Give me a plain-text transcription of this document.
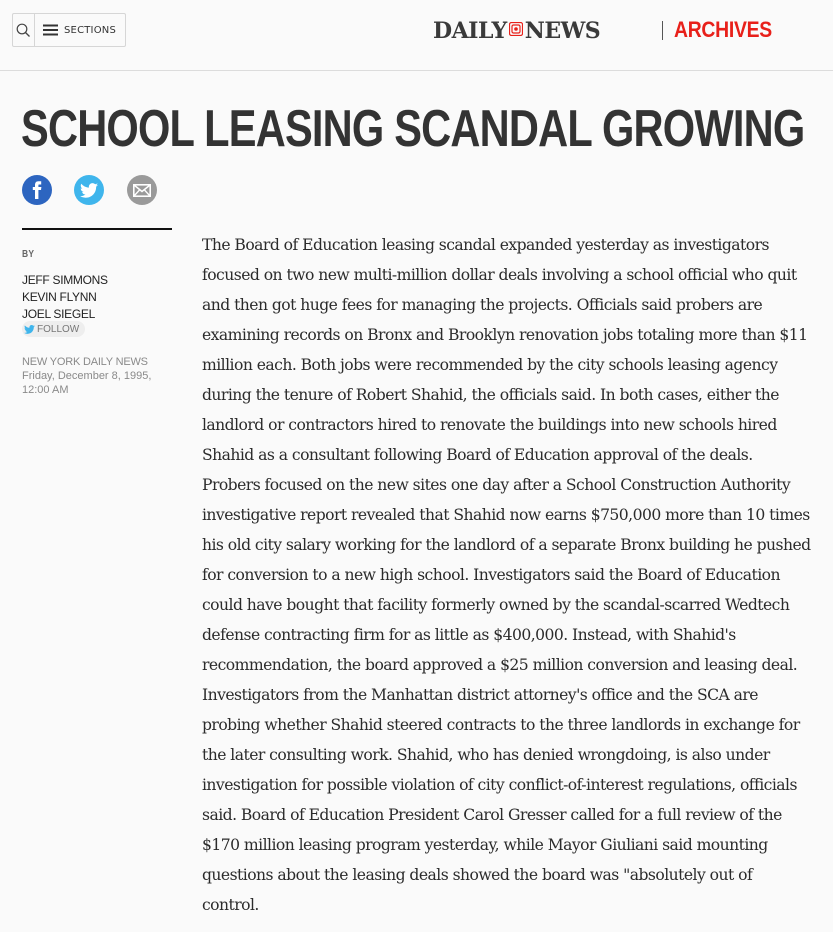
SECTIONS	DAILY NEWS	ARCHIVES
SCHOOL LEASING SCANDAL GROWING
BY
JEFF SIMMONS
KEVIN FLYNN
JOEL SIEGEL
FOLLOW
NEW YORK DAILY NEWS
Friday, December 8, 1995,
12:00 AM

The Board of Education leasing scandal expanded yesterday as investigators focused on two new multi-million dollar deals involving a school official who quit and then got huge fees for managing the projects. Officials said probers are examining records on Bronx and Brooklyn renovation jobs totaling more than $11 million each. Both jobs were recommended by the city schools leasing agency during the tenure of Robert Shahid, the officials said. In both cases, either the landlord or contractors hired to renovate the buildings into new schools hired Shahid as a consultant following Board of Education approval of the deals. Probers focused on the new sites one day after a School Construction Authority investigative report revealed that Shahid now earns $750,000 more than 10 times his old city salary working for the landlord of a separate Bronx building he pushed for conversion to a new high school. Investigators said the Board of Education could have bought that facility formerly owned by the scandal-scarred Wedtech defense contracting firm for as little as $400,000. Instead, with Shahid's recommendation, the board approved a $25 million conversion and leasing deal. Investigators from the Manhattan district attorney's office and the SCA are probing whether Shahid steered contracts to the three landlords in exchange for the later consulting work. Shahid, who has denied wrongdoing, is also under investigation for possible violation of city conflict-of-interest regulations, officials said. Board of Education President Carol Gresser called for a full review of the $170 million leasing program yesterday, while Mayor Giuliani said mounting questions about the leasing deals showed the board was "absolutely out of control.
